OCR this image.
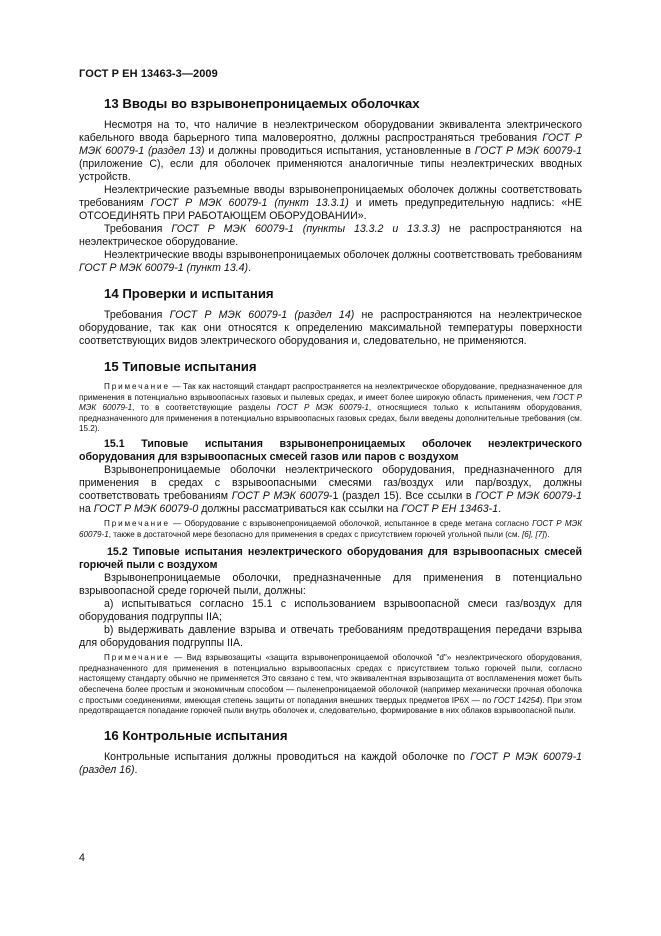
ГОСТ Р ЕН 13463-3—2009
13 Вводы во взрывонепроницаемых оболочках

Несмотря на то, что наличие в неэлектрическом оборудовании эквивалента электрического кабельного ввода барьерного типа маловероятно, должны распространяться требования ГОСТ Р МЭК 60079-1 (раздел 13) и должны проводиться испытания, установленные в ГОСТ Р МЭК 60079-1 (приложение С), если для оболочек применяются аналогичные типы неэлектрических вводных устройств.

Неэлектрические разъемные вводы взрывонепроницаемых оболочек должны соответствовать требованиям ГОСТ Р МЭК 60079-1 (пункт 13.3.1) и иметь предупредительную надпись: «НЕ ОТСОЕДИНЯТЬ ПРИ РАБОТАЮЩЕМ ОБОРУДОВАНИИ».

Требования ГОСТ Р МЭК 60079-1 (пункты 13.3.2 и 13.3.3) не распространяются на неэлектрическое оборудование.

Неэлектрические вводы взрывонепроницаемых оболочек должны соответствовать требованиям ГОСТ Р МЭК 60079-1 (пункт 13.4).

14 Проверки и испытания

Требования ГОСТ Р МЭК 60079-1 (раздел 14) не распространяются на неэлектрическое оборудование, так как они относятся к определению максимальной температуры поверхности соответствующих видов электрического оборудования и, следовательно, не применяются.

15 Типовые испытания

Примечание — Так как настоящий стандарт распространяется на неэлектрическое оборудование, предназначенное для применения в потенциально взрывоопасных газовых и пылевых средах, и имеет более широкую область применения, чем ГОСТ Р МЭК 60079-1, то в соответствующие разделы ГОСТ Р МЭК 60079-1, относящиеся только к испытаниям оборудования, предназначенного для применения в потенциально взрывоопасных газовых средах, были введены дополнительные требования (см. 15.2).

15.1 Типовые испытания взрывонепроницаемых оболочек неэлектрического оборудования для взрывоопасных смесей газов или паров с воздухом

Взрывонепроницаемые оболочки неэлектрического оборудования, предназначенного для применения в средах с взрывоопасными смесями газ/воздух или пар/воздух, должны соответствовать требованиям ГОСТ Р МЭК 60079-1 (раздел 15). Все ссылки в ГОСТ Р МЭК 60079-1 на ГОСТ Р МЭК 60079-0 должны рассматриваться как ссылки на ГОСТ Р ЕН 13463-1.

Примечание — Оборудование с взрывонепроницаемой оболочкой, испытанное в среде метана согласно ГОСТ Р МЭК 60079-1, также в достаточной мере безопасно для применения в средах с присутствием горючей угольной пыли (см. [6], [7]).

15.2 Типовые испытания неэлектрического оборудования для взрывоопасных смесей горючей пыли с воздухом

Взрывонепроницаемые оболочки, предназначенные для применения в потенциально взрывоопасной среде горючей пыли, должны:

а) испытываться согласно 15.1 с использованием взрывоопасной смеси газ/воздух для оборудования подгруппы IIA;

b) выдерживать давление взрыва и отвечать требованиям предотвращения передачи взрыва для оборудования подгруппы IIA.

Примечание — Вид взрывозащиты «защита взрывонепроницаемой оболочкой "d"» неэлектрического оборудования, предназначенного для применения в потенциально взрывоопасных средах с присутствием только горючей пыли, согласно настоящему стандарту обычно не применяется Это связано с тем, что эквивалентная взрывозащита от воспламенения может быть обеспечена более простым и экономичным способом — пыленепроницаемой оболочкой (например механически прочная оболочка с простыми соединениями, имеющая степень защиты от попадания внешних твердых предметов IP6X — по ГОСТ 14254). При этом предотвращается попадание горючей пыли внутрь оболочек и, следовательно, формирование в них облаков взрывоопасной пыли.

16 Контрольные испытания

Контрольные испытания должны проводиться на каждой оболочке по ГОСТ Р МЭК 60079-1 (раздел 16).

4
